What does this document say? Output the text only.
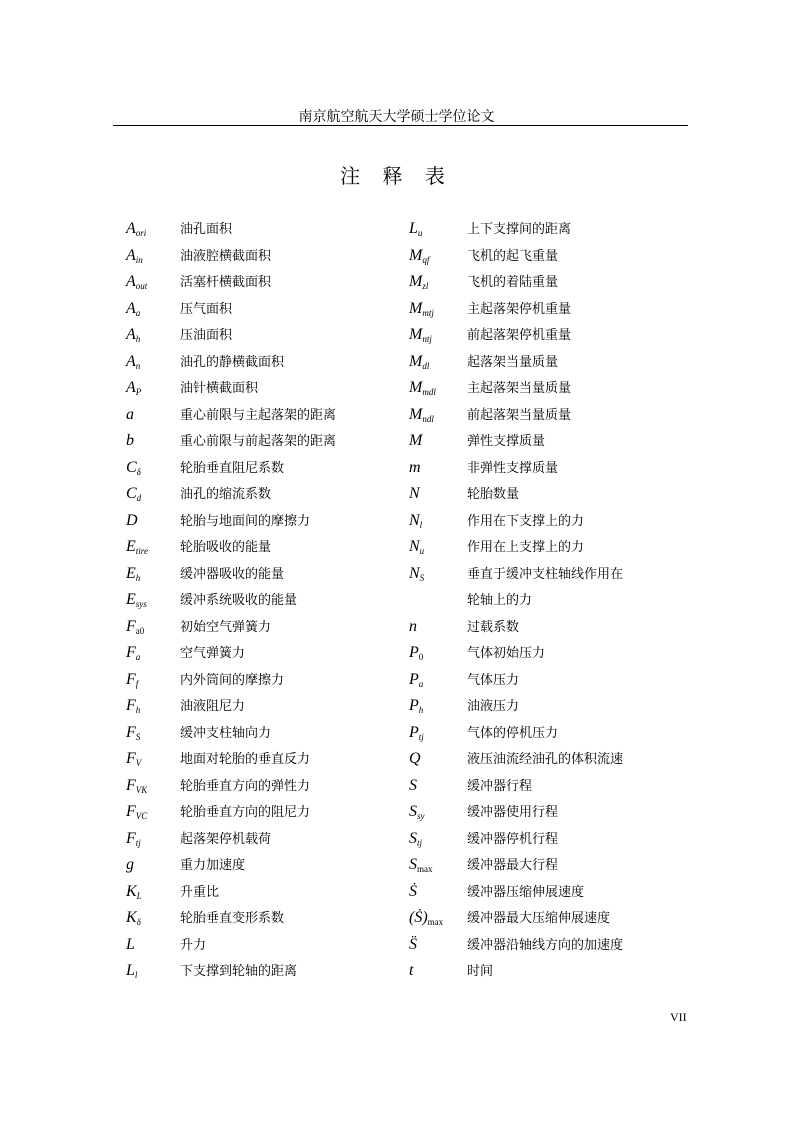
南京航空航天大学硕士学位论文
注 释 表
$A_{ori}$	油孔面积
$A_{in}$	油液腔横截面积
$A_{out}$	活塞杆横截面积
$A_a$	压气面积
$A_h$	压油面积
$A_n$	油孔的静横截面积
$A_P$	油针横截面积
a	重心前限与主起落架的距离
b	重心前限与前起落架的距离
$C_\delta$	轮胎垂直阻尼系数
$C_d$	油孔的缩流系数
D	轮胎与地面间的摩擦力
$E_{tire}$ 轮胎吸收的能量
$E_h$	缓冲器吸收的能量
$E_{sys}$	缓冲系统吸收的能量
$F_{a0}$	初始空气弹簧力
$F_a$	空气弹簧力
$F_f$	内外筒间的摩擦力
$F_h$	油液阻尼力
$F_S$	缓冲支柱轴向力
$F_V$	地面对轮胎的垂直反力
$F_{VK}$	轮胎垂直方向的弹性力
$F_{VC}$	轮胎垂直方向的阻尼力
$F_{tj}$	起落架停机载荷
g	重力加速度
$K_L$	升重比
$K_\delta$	轮胎垂直变形系数
L	升力
$L_l$	下支撑到轮轴的距离
$L_u$	上下支撑间的距离
$M_{qf}$	飞机的起飞重量
$M_{zl}$	飞机的着陆重量
$M_{mtj}$	主起落架停机重量
$M_{ntj}$	前起落架停机重量
$M_{dl}$	起落架当量质量
$M_{mdl}$ 主起落架当量质量
$M_{ndl}$	前起落架当量质量
M	弹性支撑质量
m	非弹性支撑质量
N	轮胎数量
$N_l$	作用在下支撑上的力
$N_u$	作用在上支撑上的力
$N_S$	垂直于缓冲支柱轴线作用在
轮轴上的力
n	过载系数
$P_0$	气体初始压力
$P_a$	气体压力
$P_h$	油液压力
$P_{tj}$	气体的停机压力
Q	液压油流经油孔的体积流速
S	缓冲器行程
$S_{sy}$	缓冲器使用行程
$S_{tj}$	缓冲器停机行程
$S_{max}$	缓冲器最大行程
Ṡ	缓冲器压缩伸展速度
$(Ṡ)_{max}$ 缓冲器最大压缩伸展速度
S̈	缓冲器沿轴线方向的加速度
t	时间
VII
